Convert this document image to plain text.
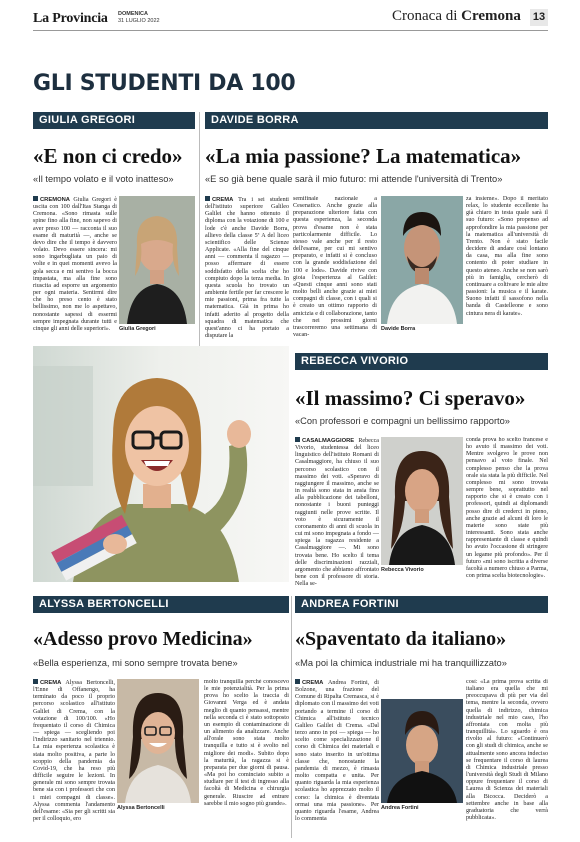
La Provincia DOMENICA
31 LUGLIO 2022	Cronaca di Cremona 13
GLI STUDENTI DA 100
GIULIA GREGORI
«E non ci credo»
«Il tempo volato e il voto inatteso»
CREMONA Giulia Gregori è uscita con 100 dall'Itas Stanga di Cremona. «Sono rimasta sulle spine fino alla fine, non sapevo di aver preso 100 — racconta il suo esame di maturità —, anche se devo dire che il tempo è davvero volato. Devo essere sincera: mi sono ingarbugliata un paio di volte e in quei momenti avevo la gola secca e mi sentivo la bocca impastata, ma alla fine sono riuscita ad esporre un argomento per ogni materia. Sentirmi dire che ho preso cento è stato bellissimo, non me lo aspettavo, nonostante sapessi di essermi sempre impegnata durante tutti e cinque gli anni delle superiori».	Giulia Gregori
DAVIDE BORRA
«La mia passione? La matematica»
«E so già bene quale sarà il mio futuro: mi attende l'università di Trento»
CREMA Tra i sei studenti dell'istituto superiore Galileo Galilei che hanno ottenuto il diploma con la votazione di 100 e lode c'è anche Davide Borra, allievo della classe 5ª A del liceo scientifico delle Scienze Applicate. «Alla fine del cinque anni — commenta il ragazzo — posso affermare di essere soddisfatto della scelta che ho compiuto dopo la terza media. In questa scuola ho trovato un ambiente fertile per far crescere le mie passioni, prima fra tutte la matematica. Già in prima ho infatti aderito al progetto della squadra di matematica che quest'anno ci ha portato a disputare la
semifinale nazionale a Cesenatico. Anche grazie alla preparazione ulteriore fatta con questa esperienza, la seconda prova d'esame non è stata particolarmente difficile. Lo stesso vale anche per il resto dell'esame, per cui mi sentivo preparato, e infatti si è concluso con la grande soddisfazione del 100 e lode». Davide rivive con gioia l'esperienza al Galilei: «Questi cinque anni sono stati molto belli anche grazie ai miei compagni di classe, con i quali si è creato un ottimo rapporto di amicizia e di collaborazione, tanto che nei prossimi giorni trascorreremo una settimana di vacan-
Davide Borra
za insieme». Dopo il meritato relax, lo studente eccellente ha già chiaro in testa quale sarà il suo futuro: «Sono propenso ad approfondire la mia passione per la matematica all'università di Trento. Non è stato facile decidere di andare così lontano da casa, ma alla fine sono contento di poter studiare in questo ateneo. Anche se non sarò più in famiglia, cercherò di continuare a coltivare le mie altre passioni: la musica e il karate. Suono infatti il sassofono nella banda di Castelleone e sono cintura nera di karate».
REBECCA VIVORIO
«Il massimo? Ci speravo»
«Con professori e compagni un bellissimo rapporto»
CASALMAGGIORE Rebecca Vivorio, studentessa del liceo linguistico dell'istituto Romani di Casalmaggiore, ha chiuso il suo percorso scolastico con il massimo dei voti. «Speravo di raggiungere il massimo, anche se in realtà sono stata in ansia fino alla pubblicazione dei tabelloni, nonostante i buoni punteggi raggiunti nelle prove scritte. Il voto è sicuramente il coronamento di anni di scuola in cui mi sono impegnata a fondo — spiega la ragazza residente a Casalmaggiore —. Mi sono trovata bene. Ho scelto il tema delle discriminazioni razziali, argomento che abbiamo affrontato bene con il professore di storia. Nella se-
Rebecca Vivorio
conda prova ho scelto francese e ho avuto il massimo dei voti. Mentre svolgevo le prove non pensavo al voto finale. Nel complesso penso che la prova orale sia stata la più difficile. Nel complesso mi sono trovata sempre bene, soprattutto nel rapporto che si è creato con i professori, quindi ai diplomandi posso dire di crederci in pieno, anche grazie ad alcuni di loro le materie sono state più interessanti. Sono stata anche rappresentante di classe e quindi ho avuto l'occasione di stringere un legame più profondo». Per il futuro «mi sono iscritta a diverse facoltà a numero chiuso a Parma, con prima scelta biotecnologie».
ALYSSA BERTONCELLI
«Adesso provo Medicina»
«Bella esperienza, mi sono sempre trovata bene»
CREMA Alyssa Bertoncelli, l'Enne di Offanengo, ha terminato da poco il proprio percorso scolastico all'istituto Galilei di Crema, con la votazione di 100/100. «Ho frequentato il corso di Chimica — spiega — scegliendo poi l'indirizzo sanitario nel triennio. La mia esperienza scolastica è stata molto positiva, a parte lo scoppio della pandemia da Covid-19, che ha reso più difficile seguire le lezioni. In generale mi sono sempre trovata bene sia con i professori che con i miei compagni di classe». Alyssa commenta l'andamento dell'esame: «Sia per gli scritti sia per il colloquio, ero
Alyssa Bertoncelli
molto tranquilla perché conoscevo le mie potenzialità. Per la prima prova ho scelto la traccia di Giovanni Verga ed è andata meglio di quanto pensassi, mentre nella seconda ci è stato sottoposto un esempio di contaminazione di un alimento da analizzare. Anche all'orale sono stata molto tranquilla e tutto si è svolto nel migliore dei modi». Subito dopo la maturità, la ragazza si è preparata per due giorni di pausa. «Ma poi ho cominciato subito a studiare per il test di ingresso alla facoltà di Medicina e chirurgia generale. Riuscire ad entrare sarebbe il mio sogno più grande».
ANDREA FORTINI
«Spaventato da italiano»
«Ma poi la chimica industriale mi ha tranquillizzato»
CREMA Andrea Fortini, di Bolzone, una frazione del Comune di Ripalta Cremasca, si è diplomato con il massimo dei voti portando a termine il corso di Chimica all'istituto tecnico Galileo Galilei di Crema. «Dal terzo anno in poi — spiega — ho scelto come specializzazione il corso di Chimica dei materiali e sono stato inserito in un'ottima classe che, nonostante la pandemia di mezzo, è rimasta molto compatta e unita. Per quanto riguarda la mia esperienza scolastica ho apprezzato molto il corso: la chimica è diventata ormai una mia passione». Per quanto riguarda l'esame, Andrea lo commenta
Andrea Fortini
così: «La prima prova scritta di italiano era quella che mi preoccupava di più per via del tema, mentre la seconda, ovvero quella di indirizzo, chimica industriale nel mio caso, l'ho affrontata con molta più tranquillità». Lo sguardo è ora rivolto al futuro: «Continuerò con gli studi di chimica, anche se attualmente sono ancora indeciso se frequentare il corso di laurea di Chimica industriale presso l'università degli Studi di Milano oppure frequentare il corso di Laurea di Scienza dei materiali alla Bicocca. Deciderò a settembre anche in base alla graduatoria che verrà pubblicata».
